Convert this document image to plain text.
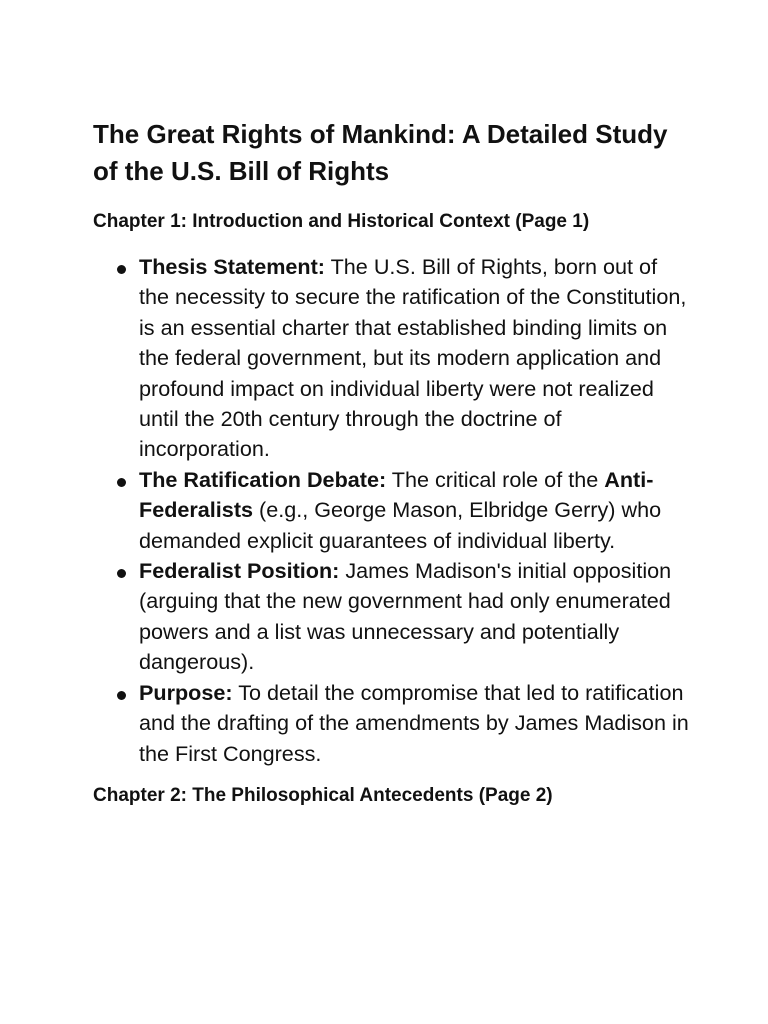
The Great Rights of Mankind: A Detailed Study of the U.S. Bill of Rights
Chapter 1: Introduction and Historical Context (Page 1)
Thesis Statement: The U.S. Bill of Rights, born out of the necessity to secure the ratification of the Constitution, is an essential charter that established binding limits on the federal government, but its modern application and profound impact on individual liberty were not realized until the 20th century through the doctrine of incorporation.
The Ratification Debate: The critical role of the Anti-Federalists (e.g., George Mason, Elbridge Gerry) who demanded explicit guarantees of individual liberty.
Federalist Position: James Madison's initial opposition (arguing that the new government had only enumerated powers and a list was unnecessary and potentially dangerous).
Purpose: To detail the compromise that led to ratification and the drafting of the amendments by James Madison in the First Congress.
Chapter 2: The Philosophical Antecedents (Page 2)
